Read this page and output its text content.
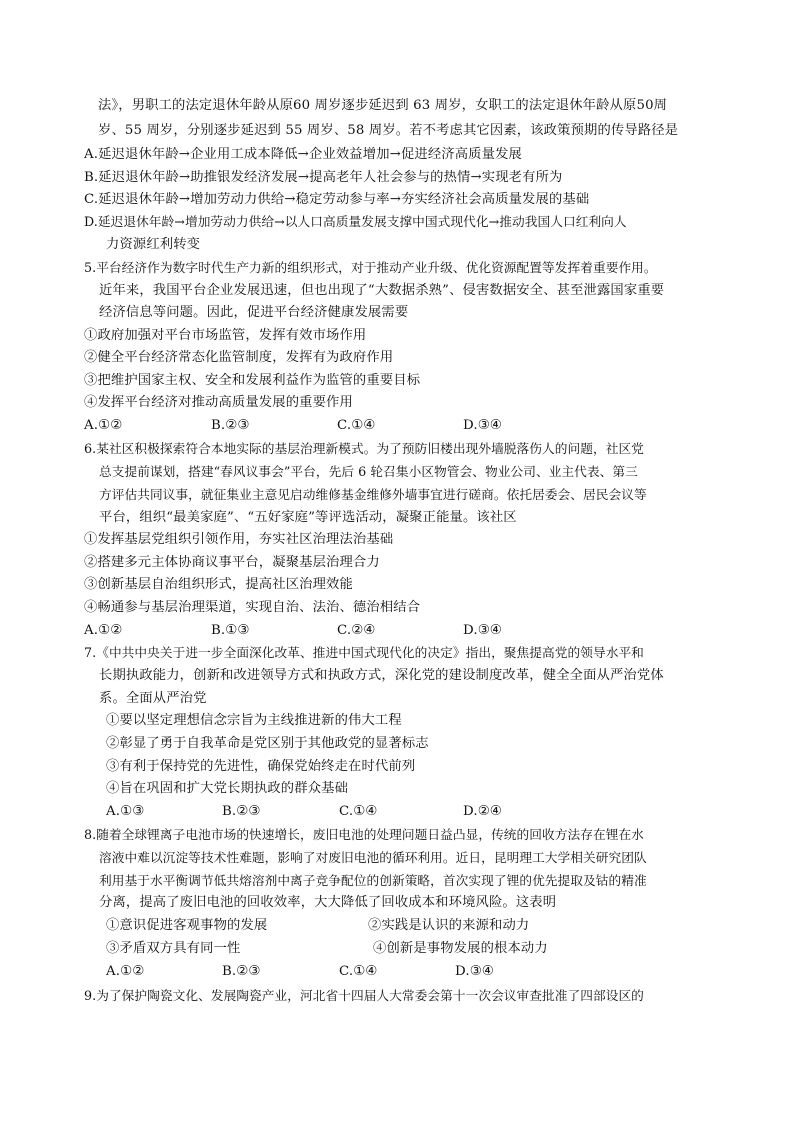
法》，男职工的法定退休年龄从原60 周岁逐步延迟到 63 周岁，女职工的法定退休年龄从原50周
岁、55 周岁，分别逐步延迟到 55 周岁、58 周岁。若不考虑其它因素，该政策预期的传导路径是
A.延迟退休年龄→企业用工成本降低→企业效益增加→促进经济高质量发展
B.延迟退休年龄→助推银发经济发展→提高老年人社会参与的热情→实现老有所为
C.延迟退休年龄→增加劳动力供给→稳定劳动参与率→夯实经济社会高质量发展的基础
D.延迟退休年龄→增加劳动力供给→以人口高质量发展支撑中国式现代化→推动我国人口红利向人
力资源红利转变
5.平台经济作为数字时代生产力新的组织形式，对于推动产业升级、优化资源配置等发挥着重要作用。
近年来，我国平台企业发展迅速，但也出现了“大数据杀熟”、侵害数据安全、甚至泄露国家重要
经济信息等问题。因此，促进平台经济健康发展需要
①政府加强对平台市场监管，发挥有效市场作用
②健全平台经济常态化监管制度，发挥有为政府作用
③把维护国家主权、安全和发展利益作为监管的重要目标
④发挥平台经济对推动高质量发展的重要作用
A.①②	B.②③	C.①④	D.③④
6.某社区积极探索符合本地实际的基层治理新模式。为了预防旧楼出现外墙脱落伤人的问题，社区党
总支提前谋划，搭建“春风议事会”平台，先后 6 轮召集小区物管会、物业公司、业主代表、第三
方评估共同议事，就征集业主意见启动维修基金维修外墙事宜进行磋商。依托居委会、居民会议等
平台，组织“最美家庭”、“五好家庭”等评选活动，凝聚正能量。该社区
①发挥基层党组织引领作用，夯实社区治理法治基础
②搭建多元主体协商议事平台，凝聚基层治理合力
③创新基层自治组织形式，提高社区治理效能
④畅通参与基层治理渠道，实现自治、法治、德治相结合
A.①②	B.①③	C.②④	D.③④
7.《中共中央关于进一步全面深化改革、推进中国式现代化的决定》指出，聚焦提高党的领导水平和
长期执政能力，创新和改进领导方式和执政方式，深化党的建设制度改革，健全全面从严治党体
系。全面从严治党
①要以坚定理想信念宗旨为主线推进新的伟大工程
②彰显了勇于自我革命是党区别于其他政党的显著标志
③有利于保持党的先进性，确保党始终走在时代前列
④旨在巩固和扩大党长期执政的群众基础
A.①③	B.②③	C.①④	D.②④
8.随着全球锂离子电池市场的快速增长，废旧电池的处理问题日益凸显，传统的回收方法存在锂在水
溶液中难以沉淀等技术性难题，影响了对废旧电池的循环利用。近日，昆明理工大学相关研究团队
利用基于水平衡调节低共熔溶剂中离子竞争配位的创新策略，首次实现了锂的优先提取及钴的精准
分离，提高了废旧电池的回收效率，大大降低了回收成本和环境风险。这表明
①意识促进客观事物的发展	②实践是认识的来源和动力
③矛盾双方具有同一性	④创新是事物发展的根本动力
A.①②	B.②③	C.①④	D.③④
9.为了保护陶瓷文化、发展陶瓷产业，河北省十四届人大常委会第十一次会议审查批准了四部设区的
